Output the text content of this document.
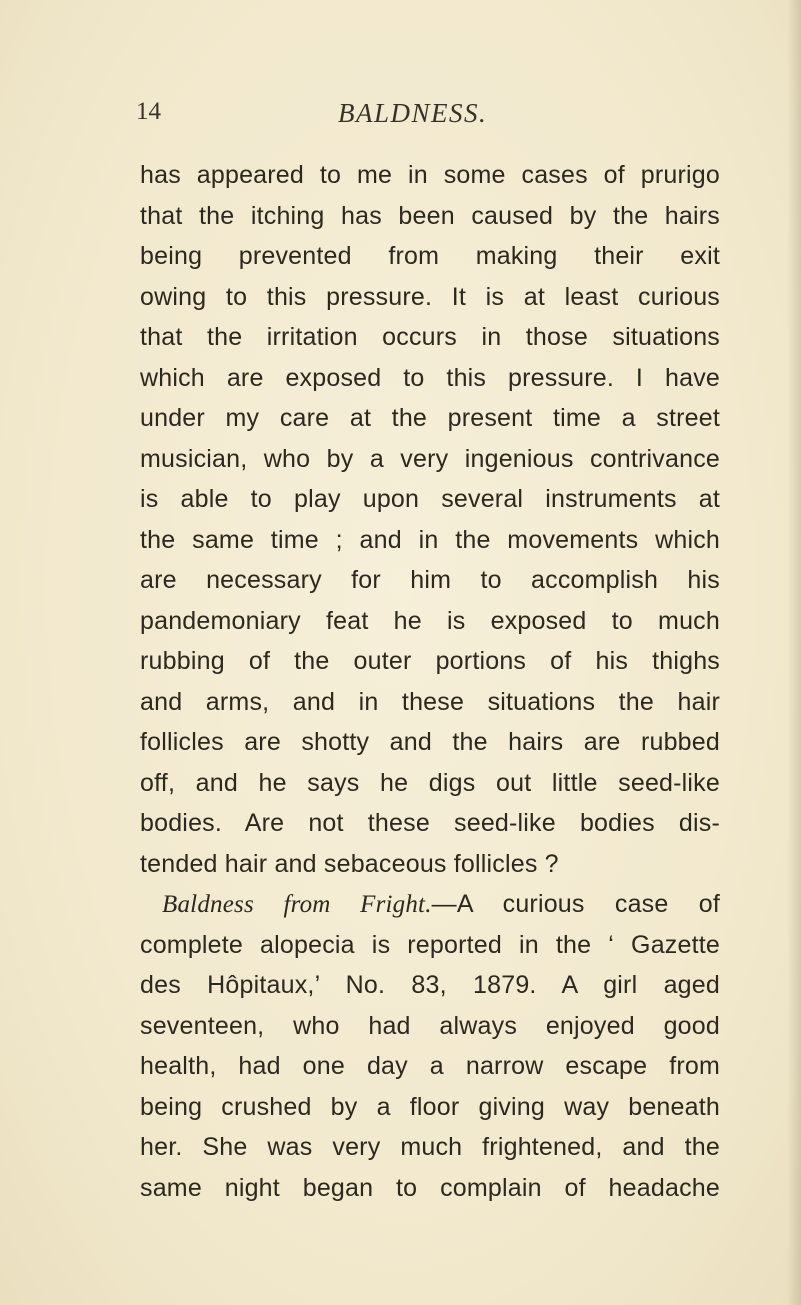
14	BALDNESS.
has appeared to me in some cases of prurigo
that the itching has been caused by the hairs
being prevented from making their exit
owing to this pressure. It is at least curious
that the irritation occurs in those situations
which are exposed to this pressure. I have
under my care at the present time a street
musician, who by a very ingenious contrivance
is able to play upon several instruments at
the same time ; and in the movements which
are necessary for him to accomplish his
pandemoniary feat he is exposed to much
rubbing of the outer portions of his thighs
and arms, and in these situations the hair
follicles are shotty and the hairs are rubbed
off, and he says he digs out little seed-like
bodies. Are not these seed-like bodies dis-
tended hair and sebaceous follicles ?
Baldness from Fright.—A curious case of
complete alopecia is reported in the ‘ Gazette
des Hôpitaux,’ No. 83, 1879. A girl aged
seventeen, who had always enjoyed good
health, had one day a narrow escape from
being crushed by a floor giving way beneath
her. She was very much frightened, and the
same night began to complain of headache
